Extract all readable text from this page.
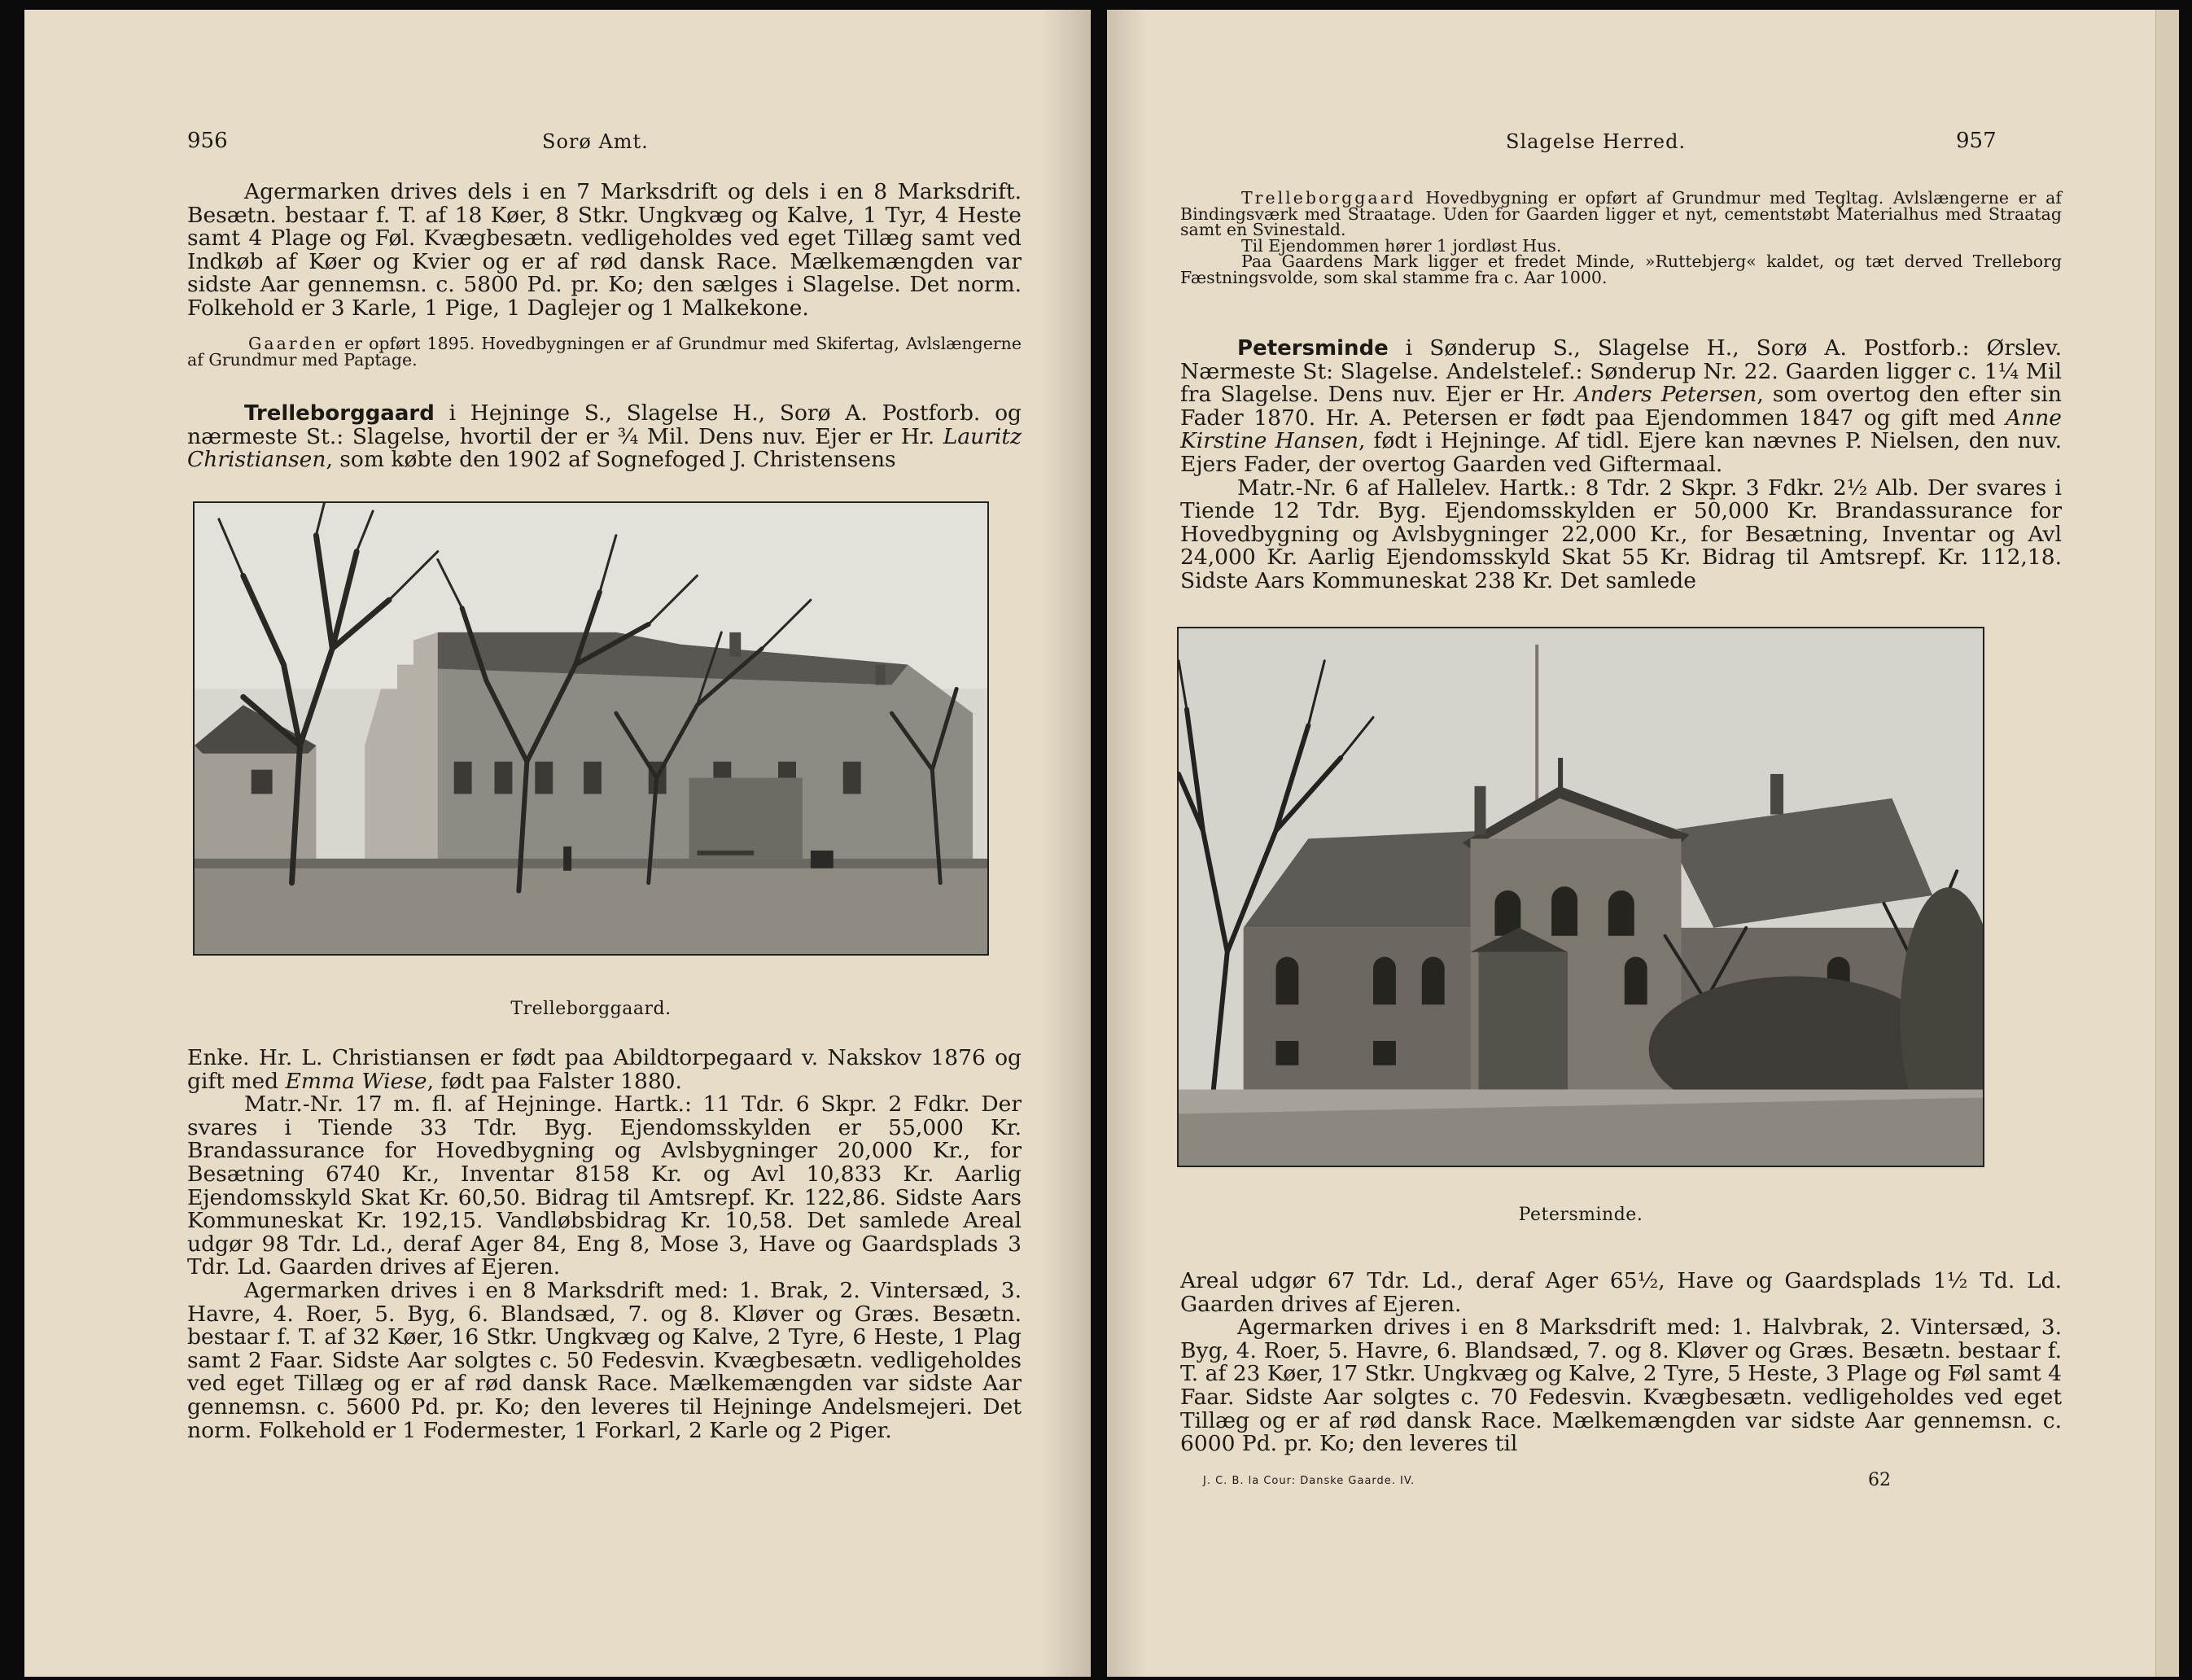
956	Sorø Amt.

Agermarken drives dels i en 7 Marksdrift og dels i en 8 Marksdrift. Besætn. bestaar f. T. af 18 Køer, 8 Stkr. Ungkvæg og Kalve, 1 Tyr, 4 Heste samt 4 Plage og Føl. Kvægbesætn. vedligeholdes ved eget Tillæg samt ved Indkøb af Køer og Kvier og er af rød dansk Race. Mælkemængden var sidste Aar gennemsn. c. 5800 Pd. pr. Ko; den sælges i Slagelse. Det norm. Folkehold er 3 Karle, 1 Pige, 1 Daglejer og 1 Malkekone.

Gaarden er opført 1895. Hovedbygningen er af Grundmur med Skifertag, Avlslængerne af Grundmur med Paptage.

Trelleborggaard i Hejninge S., Slagelse H., Sorø A. Postforb. og nærmeste St.: Slagelse, hvortil der er ¾ Mil. Dens nuv. Ejer er Hr. Lauritz Christiansen, som købte den 1902 af Sognefoged J. Christensens

Trelleborggaard.

Enke. Hr. L. Christiansen er født paa Abildtorpegaard v. Nakskov 1876 og gift med Emma Wiese, født paa Falster 1880.

Matr.-Nr. 17 m. fl. af Hejninge. Hartk.: 11 Tdr. 6 Skpr. 2 Fdkr. Der svares i Tiende 33 Tdr. Byg. Ejendomsskylden er 55,000 Kr. Brandassurance for Hovedbygning og Avlsbygninger 20,000 Kr., for Besætning 6740 Kr., Inventar 8158 Kr. og Avl 10,833 Kr. Aarlig Ejendomsskyld Skat Kr. 60,50. Bidrag til Amtsrepf. Kr. 122,86. Sidste Aars Kommuneskat Kr. 192,15. Vandløbsbidrag Kr. 10,58. Det samlede Areal udgør 98 Tdr. Ld., deraf Ager 84, Eng 8, Mose 3, Have og Gaardsplads 3 Tdr. Ld. Gaarden drives af Ejeren.

Agermarken drives i en 8 Marksdrift med: 1. Brak, 2. Vintersæd, 3. Havre, 4. Roer, 5. Byg, 6. Blandsæd, 7. og 8. Kløver og Græs. Besætn. bestaar f. T. af 32 Køer, 16 Stkr. Ungkvæg og Kalve, 2 Tyre, 6 Heste, 1 Plag samt 2 Faar. Sidste Aar solgtes c. 50 Fedesvin. Kvægbesætn. vedligeholdes ved eget Tillæg og er af rød dansk Race. Mælkemængden var sidste Aar gennemsn. c. 5600 Pd. pr. Ko; den leveres til Hejninge Andelsmejeri. Det norm. Folkehold er 1 Fodermester, 1 Forkarl, 2 Karle og 2 Piger.

Slagelse Herred.	957

Trelleborggaard Hovedbygning er opført af Grundmur med Tegltag. Avlslængerne er af Bindingsværk med Straatage. Uden for Gaarden ligger et nyt, cementstøbt Materialhus med Straatag samt en Svinestald.

Til Ejendommen hører 1 jordløst Hus.

Paa Gaardens Mark ligger et fredet Minde, »Ruttebjerg« kaldet, og tæt derved Trelleborg Fæstningsvolde, som skal stamme fra c. Aar 1000.

Petersminde i Sønderup S., Slagelse H., Sorø A. Postforb.: Ørslev. Nærmeste St: Slagelse. Andelstelef.: Sønderup Nr. 22. Gaarden ligger c. 1¼ Mil fra Slagelse. Dens nuv. Ejer er Hr. Anders Petersen, som overtog den efter sin Fader 1870. Hr. A. Petersen er født paa Ejendommen 1847 og gift med Anne Kirstine Hansen, født i Hejninge. Af tidl. Ejere kan nævnes P. Nielsen, den nuv. Ejers Fader, der overtog Gaarden ved Giftermaal.

Matr.-Nr. 6 af Hallelev. Hartk.: 8 Tdr. 2 Skpr. 3 Fdkr. 2½ Alb. Der svares i Tiende 12 Tdr. Byg. Ejendomsskylden er 50,000 Kr. Brandassurance for Hovedbygning og Avlsbygninger 22,000 Kr., for Besætning, Inventar og Avl 24,000 Kr. Aarlig Ejendomsskyld Skat 55 Kr. Bidrag til Amtsrepf. Kr. 112,18. Sidste Aars Kommuneskat 238 Kr. Det samlede

Petersminde.

Areal udgør 67 Tdr. Ld., deraf Ager 65½, Have og Gaardsplads 1½ Td. Ld. Gaarden drives af Ejeren.

Agermarken drives i en 8 Marksdrift med: 1. Halvbrak, 2. Vintersæd, 3. Byg, 4. Roer, 5. Havre, 6. Blandsæd, 7. og 8. Kløver og Græs. Besætn. bestaar f. T. af 23 Køer, 17 Stkr. Ungkvæg og Kalve, 2 Tyre, 5 Heste, 3 Plage og Føl samt 4 Faar. Sidste Aar solgtes c. 70 Fedesvin. Kvægbesætn. vedligeholdes ved eget Tillæg og er af rød dansk Race. Mælkemængden var sidste Aar gennemsn. c. 6000 Pd. pr. Ko; den leveres til

J. C. B. la Cour: Danske Gaarde. IV.	62
